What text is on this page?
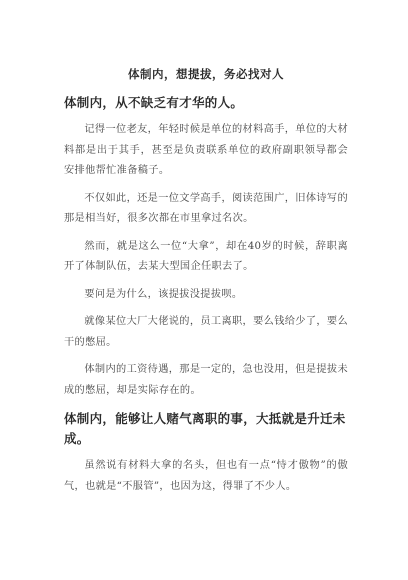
体制内，想提拔，务必找对人
体制内，从不缺乏有才华的人。

记得一位老友，年轻时候是单位的材料高手，单位的大材料都是出于其手，甚至是负责联系单位的政府副职领导都会安排他帮忙准备稿子。

不仅如此，还是一位文学高手，阅读范围广，旧体诗写的那是相当好，很多次都在市里拿过名次。

然而，就是这么一位“大拿”，却在40岁的时候，辞职离开了体制队伍，去某大型国企任职去了。

要问是为什么，该提拔没提拔呗。

就像某位大厂大佬说的，员工离职，要么钱给少了，要么干的憋屈。

体制内的工资待遇，那是一定的，急也没用，但是提拔未成的憋屈，却是实际存在的。

体制内，能够让人赌气离职的事，大抵就是升迁未成。

虽然说有材料大拿的名头，但也有一点“恃才傲物”的傲气，也就是“不服管”，也因为这，得罪了不少人。
